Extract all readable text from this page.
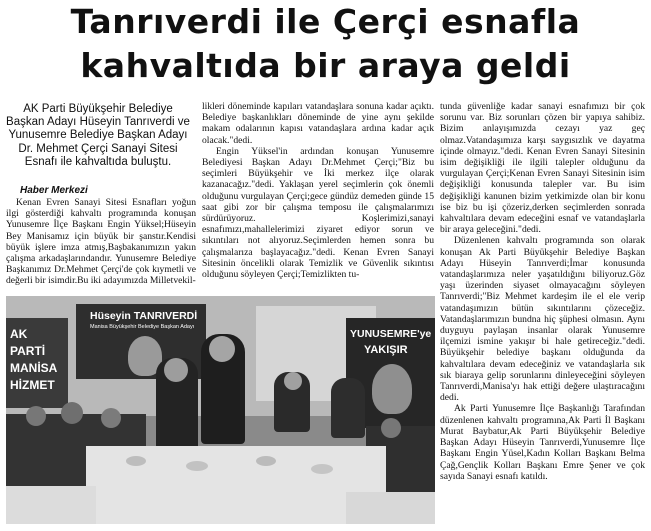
Tanrıverdi ile Çerçi esnafla
kahvaltıda bir araya geldi
AK Parti Büyükşehir Belediye Başkan Adayı Hüseyin Tanrıverdi ve Yunusemre Belediye Başkan Adayı Dr. Mehmet Çerçi Sanayi Sitesi Esnafı ile kahvaltıda buluştu.
Haber Merkezi

Kenan Evren Sanayi Sitesi Esnafları yoğun ilgi gösterdiği kahvaltı programında konuşan Yunusemre İlçe Başkanı Engin Yüksel;Hüseyin Bey Manisamız için büyük bir şanstır.Kendisi büyük işlere imza atmış,Başbakanımızın yakın çalışma arkadaşlarındandır. Yunusemre Belediye Başkanımız Dr.Mehmet Çerçi'de çok kıymetli ve değerli bir isimdir.Bu iki adayımızda Milletvekil-

likleri döneminde kapıları vatandaşlara sonuna kadar açıktı. Belediye başkanlıkları döneminde de yine aynı şekilde makam odalarının kapısı vatandaşlara ardına kadar açık olacak."dedi.

Engin Yüksel'in ardından konuşan Yunusemre Belediyesi Başkan Adayı Dr.Mehmet Çerçi;"Biz bu seçimleri Büyükşehir ve İki merkez ilçe olarak kazanacağız."dedi. Yaklaşan yerel seçimlerin çok önemli olduğunu vurgulayan Çerçi;gece gündüz demeden günde 15 saat gibi zor bir çalışma temposu ile çalışmalarımızı sürdürüyoruz. Koşlerimizi,sanayi esnafımızı,mahallelerimizi ziyaret ediyor sorun ve sıkıntıları not alıyoruz.Seçimlerden hemen sonra bu çalışmalarıza başlayacağız."dedi. Kenan Evren Sanayi Sitesinin öncelikli olarak Temizlik ve Güvenlik sıkıntısı olduğunu söyleyen Çerçi;Temizlikten tu-

tunda güvenliğe kadar sanayi esnafımızı bir çok sorunu var. Biz sorunları çözen bir yapıya sahibiz. Bizim anlayışımızda cezayı yaz geç olmaz.Vatandaşımıza karşı saygısızlık ve dayatma içinde olmayız."dedi. Kenan Evren Sanayi Sitesinin isim değişikliği ile ilgili talepler olduğunu da vurgulayan Çerçi;Kenan Evren Sanayi Sitesinin isim değişikliği konusunda talepler var. Bu isim değişikliği kanunen bizim yetkimizde olan bir konu ise biz bu işi çözeriz,derken seçimlerden sonrada kahvaltılara devam edeceğini esnaf ve vatandaşlarla bir araya geleceğini."dedi.

Düzenlenen kahvaltı programında son olarak konuşan Ak Parti Büyükşehir Belediye Başkan Adayı Hüseyin Tanrıverdi;İmar konusunda vatandaşlarımıza neler yaşatıldığını biliyoruz.Göz yaşı üzerinden siyaset olmayacağını söyleyen Tanrıverdi;"Biz Mehmet kardeşim ile el ele verip vatandaşımızın bütün sıkıntılarını çözeceğiz. Vatandaşlarımızın bundna hiç şüphesi olmasın. Aynı duyguyu paylaşan insanlar olarak Yunusemre ilçemizi ismine yakışır bi hale getireceğiz."dedi. Büyükşehir belediye başkanı olduğunda da kahvaltılara devam edeceğiniz ve vatandaşlarla sık sık biaraya gelip sorunlarını dinleyeceğini söyleyen Tanrıverdi,Manisa'yı hak ettiği değere ulaştıracağını dedi.

Ak Parti Yunusemre İlçe Başkanlığı Tarafından düzenlenen kahvaltı programına,Ak Parti İl Başkanı Murat Baybatur,Ak Parti Büyükşehir Belediye Başkan Adayı Hüseyin Tanrıverdi,Yunusemre İlçe Başkanı Engin Yüsel,Kadın Kolları Başkanı Belma Çağ,Gençlik Kolları Başkanı Emre Şener ve çok sayıda Sanayi esnafı katıldı.

AK PARTİ
MANİSA
HİZMET
Hüseyin TANRIVERDİ
Manisa Büyükşehir Belediye Başkan Adayı
YUNUSEMRE'ye
YAKIŞIR
